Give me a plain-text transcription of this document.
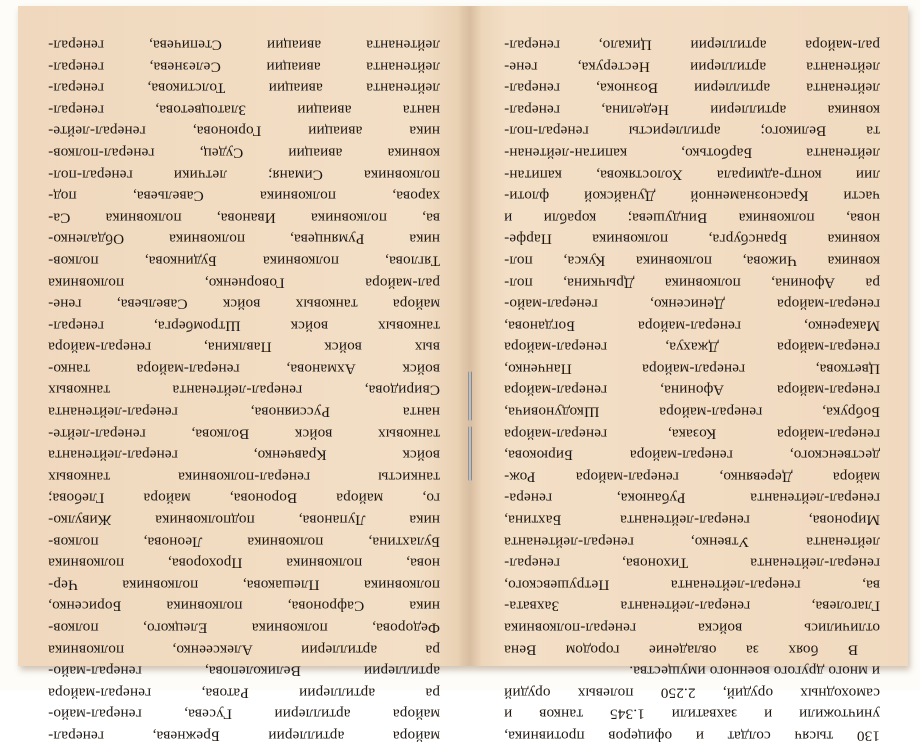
майора артиллерии Брежнева, генерал-
майора артиллерии Гусева, генерал-майо-
ра артиллерии Ратова, генерал-майора
артиллерии Великолепова, генерал-майо-
ра артиллерии Алексеенко, полковника
Федорова, полковника Елецкого, полков-
ника Сафронова, полковника Борисенко,
полковника Плешакова, полковника Чер-
нова, полковника Прохорова, полковника
Булахтина, полковника Леонова, полков-
ника Лупанова, подполковника Живулко-
го, майора Воронова, майора Глебова;
танкисты генерал-полковника танковых
войск Кравченко, генерал-лейтенанта
танковых войск Волкова, генерал-лейте-
нанта Руссиянова, генерал-лейтенанта
Свиридова, генерал-лейтенанта танковых
войск Ахманова, генерал-майора танко-
вых войск Павлкина, генерал-майора
танковых войск Штромберга, генерал-
майора танковых войск Савельева, гене-
рал-майора Говорненко, полковника
Тяглова, полковника Будинкова, полков-
ника Румянцева, полковника Обдаленко-
ва, полковника Иванова, полковника Са-
харова, полковника Савельева, под-
полковника Симаня; летчики генерал-пол-
ковника авиации Судец, генерал-полков-
ника авиации Горюнова, генерал-лейте-
нанта авиации Златоцветова, генерал-
лейтенанта авиации Толстикова, генерал-
лейтенанта авиации Селезнева, генерал-
лейтенанта авиации Степичева, генерал-
130 тысяч солдат и офицеров противника,
уничтожили и захватили 1.345 танков и
самоходных орудий, 2.250 полевых орудий
и много другого военного имущества.
В боях за овладение городом Вена
отличились войска генерал-полковника
Глаголева, генерал-лейтенанта Захвата-
ва, генерал-лейтенанта Петрушевского,
генерал-лейтенанта Тихонова, генерал-
лейтенанта Утвенко, генерал-лейтенанта
Миронова, генерал-лейтенанта Бахтина,
генерал-лейтенанта Рубанюка, генера-
майора Деревянко, генерал-майора Рож-
дественского, генерал-майора Бирюкова,
генерал-майора Козака, генерал-майора
Бобрука, генерал-майора Шкодуновича,
генерал-майора Афонина, генерал-майора
Цветкова, генерал-майора Панченко,
генерал-майора Джахуа, генерал-майора
Макаренко, генерал-майора Богданова,
генерал-майора Денисенко, генерал-майо-
ра Афонина, полковника Дрычкина, пол-
ковника Чижова, полковника Кукса, пол-
ковника Брансбурга, полковника Парфе-
нова, полковника Виндушева; корабли и
части Краснознаменной Дунайской флоти-
лии контр-адмирала Холостякова, капитан-
лейтенанта Барботько, капитан-лейтенан-
та Великого; артиллеристы генерал-пол-
ковника артиллерии Неделина, генерал-
лейтенанта артиллерии Вознюка, генерал-
лейтенанта артиллерии Нестерука, гене-
рал-майора артиллерии Цикало, генерал-
